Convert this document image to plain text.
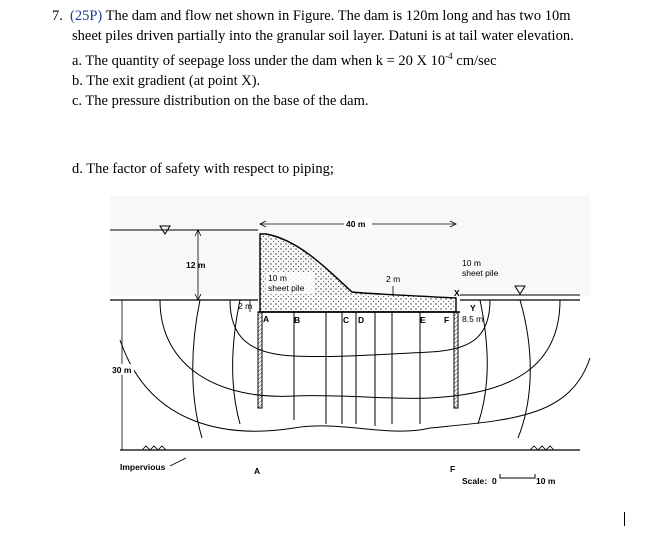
7. (25P) The dam and flow net shown in Figure. The dam is 120m long and has two 10m
sheet piles driven partially into the granular soil layer. Datuni is at tail water elevation.
a. The quantity of seepage loss under the dam when k = 20 X $10^{-4}$ cm/sec
b. The exit gradient (at point X).
c. The pressure distribution on the base of the dam.
d. The factor of safety with respect to piping;
12 m
40 m
10 m
sheet pile
10 m
sheet pile
2 m
2 m
A	B	C D	E F
X
Y
8.5 m
30 m
Impervious	A	F
Scale: 0	10 m
